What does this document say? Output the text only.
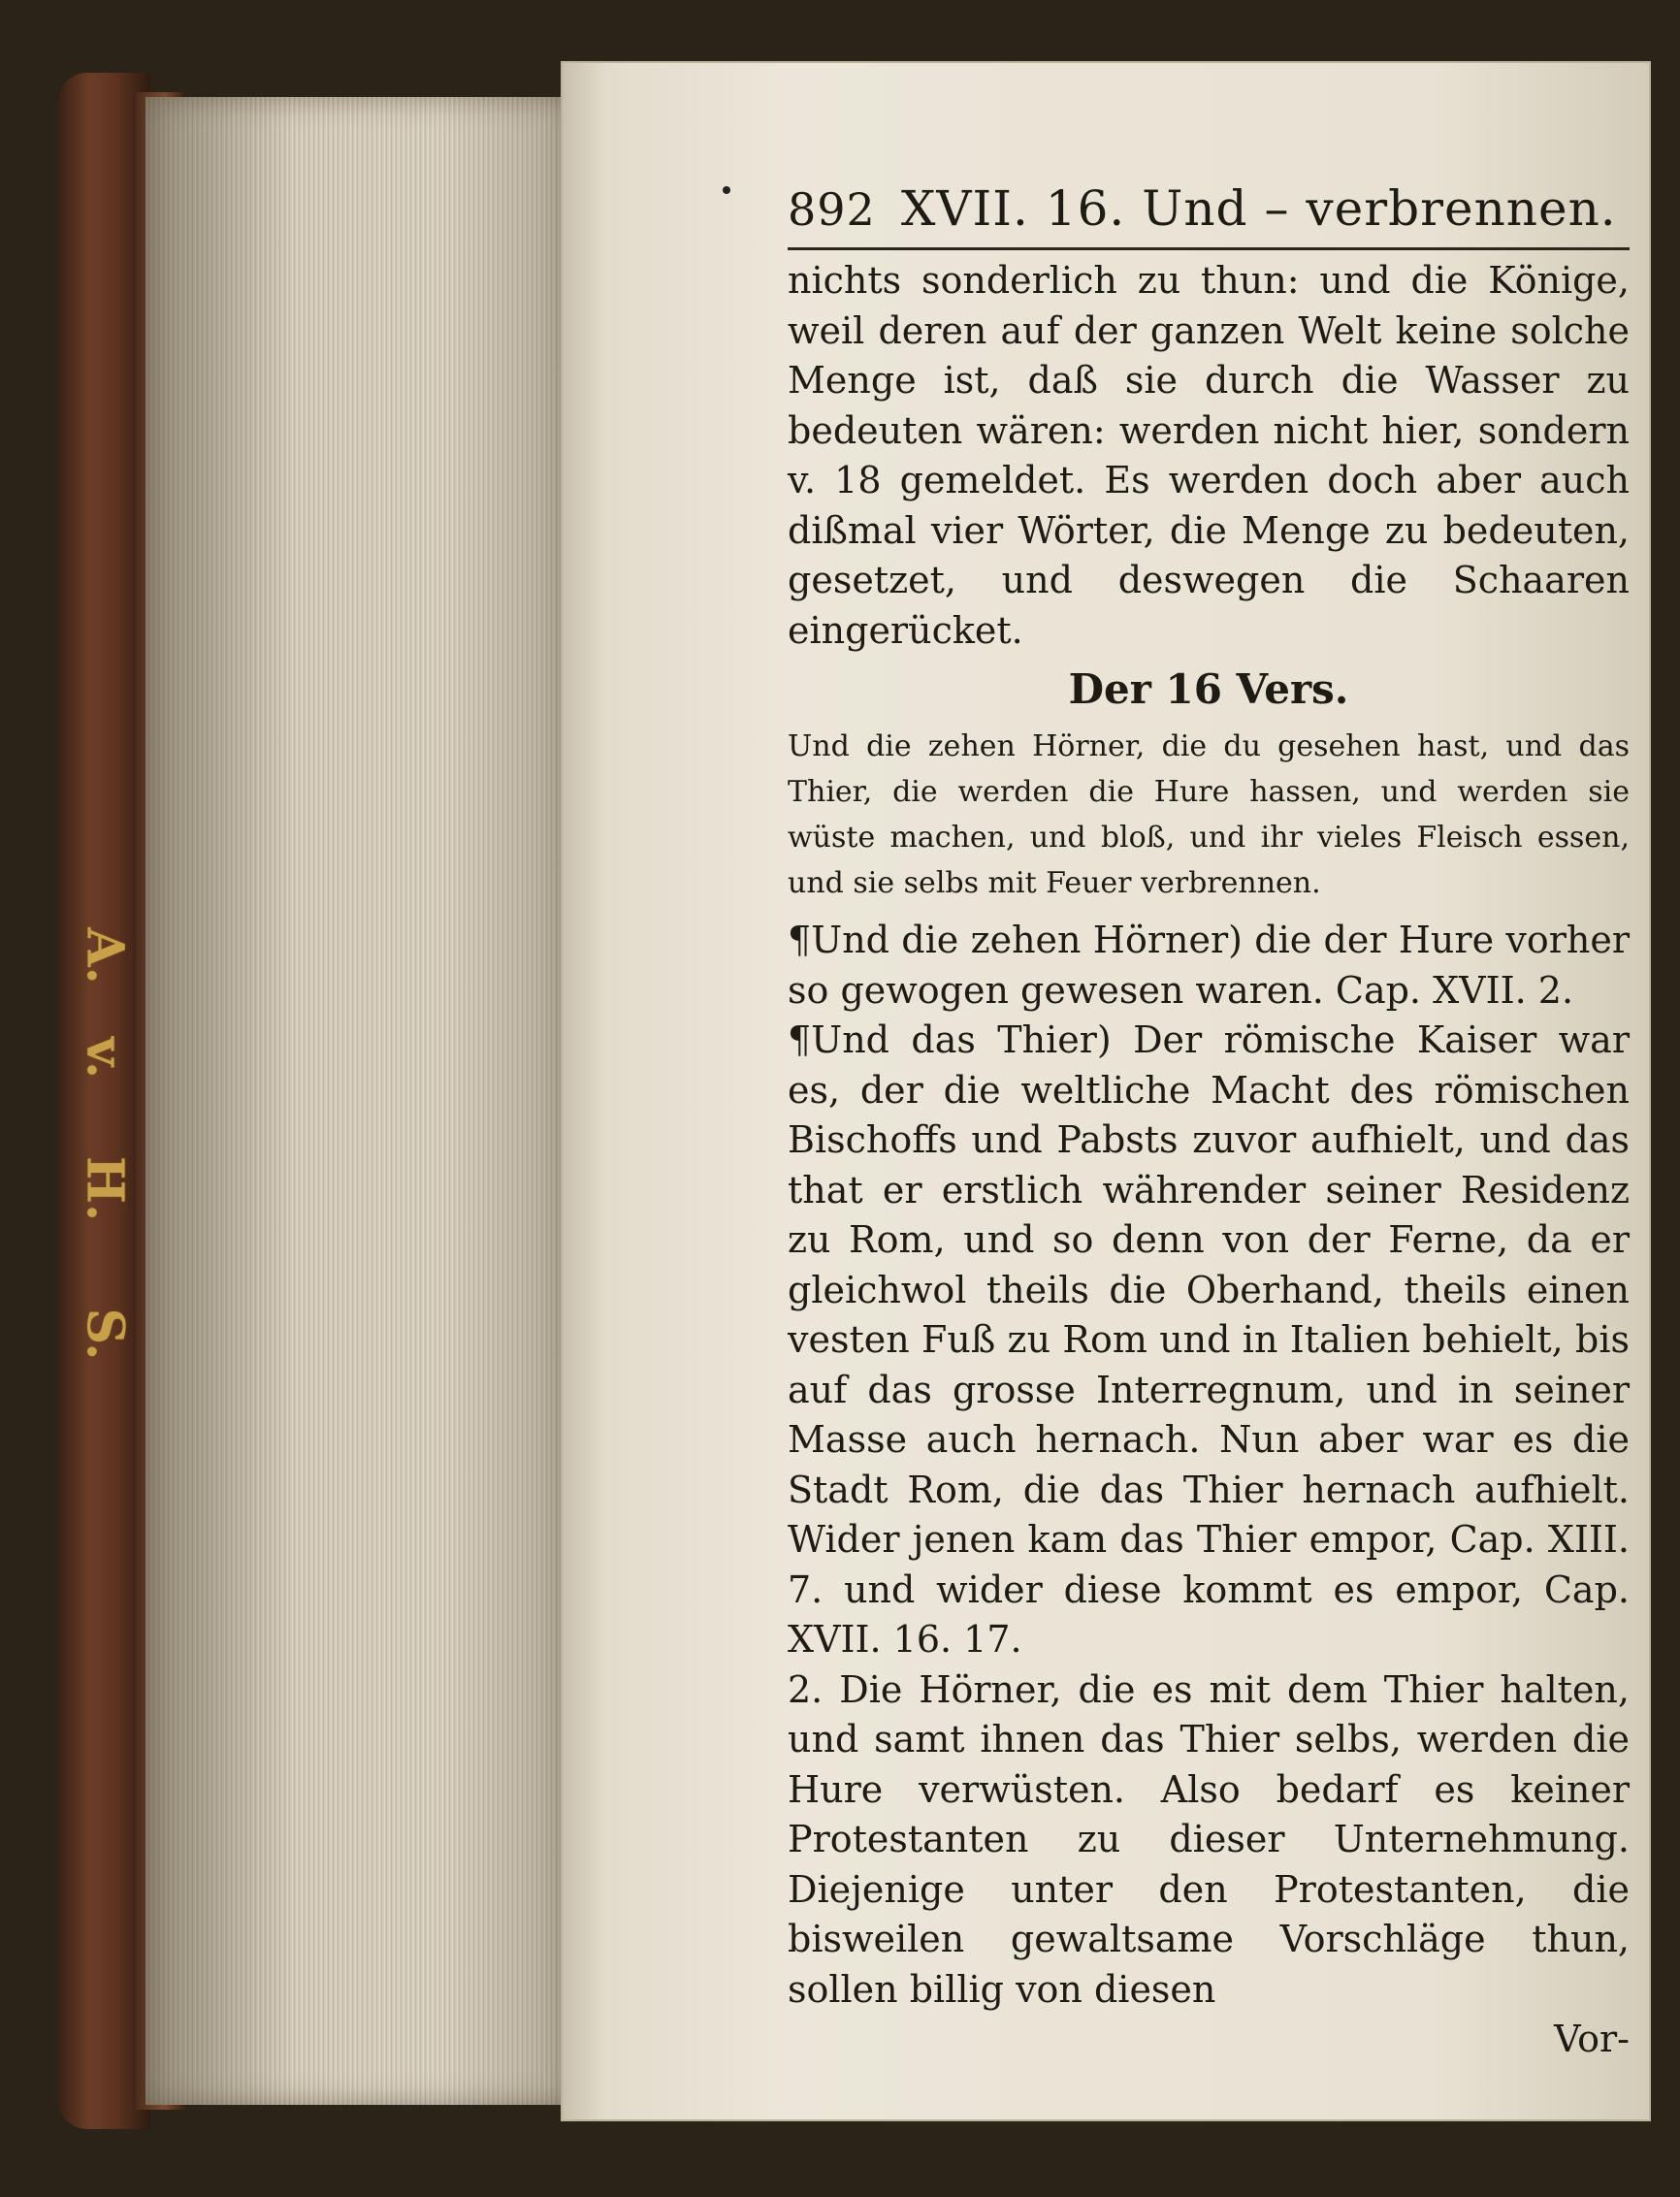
S.
H.
v.
A.
892 XVII. 16. Und – verbrennen.

nichts sonderlich zu thun: und die Könige, weil deren auf der ganzen Welt keine solche Menge ist, daß sie durch die Wasser zu bedeuten wären: werden nicht hier, sondern v. 18 gemeldet. Es werden doch aber auch dißmal vier Wörter, die Menge zu bedeuten, gesetzet, und deswegen die Schaaren eingerücket.

Der 16 Vers.

Und die zehen Hörner, die du gesehen hast, und das Thier, die werden die Hure hassen, und werden sie wüste machen, und bloß, und ihr vieles Fleisch essen, und sie selbs mit Feuer verbrennen.

¶Und die zehen Hörner) die der Hure vorher so gewogen gewesen waren. Cap. XVII. 2.

¶Und das Thier) Der römische Kaiser war es, der die weltliche Macht des römischen Bischoffs und Pabsts zuvor aufhielt, und das that er erstlich währender seiner Residenz zu Rom, und so denn von der Ferne, da er gleichwol theils die Oberhand, theils einen vesten Fuß zu Rom und in Italien behielt, bis auf das grosse Interregnum, und in seiner Masse auch hernach. Nun aber war es die Stadt Rom, die das Thier hernach aufhielt. Wider jenen kam das Thier empor, Cap. XIII. 7. und wider diese kommt es empor, Cap. XVII. 16. 17.

2. Die Hörner, die es mit dem Thier halten, und samt ihnen das Thier selbs, werden die Hure verwüsten. Also bedarf es keiner Protestanten zu dieser Unternehmung. Diejenige unter den Protestanten, die bisweilen gewaltsame Vorschläge thun, sollen billig von diesen

Vor-
